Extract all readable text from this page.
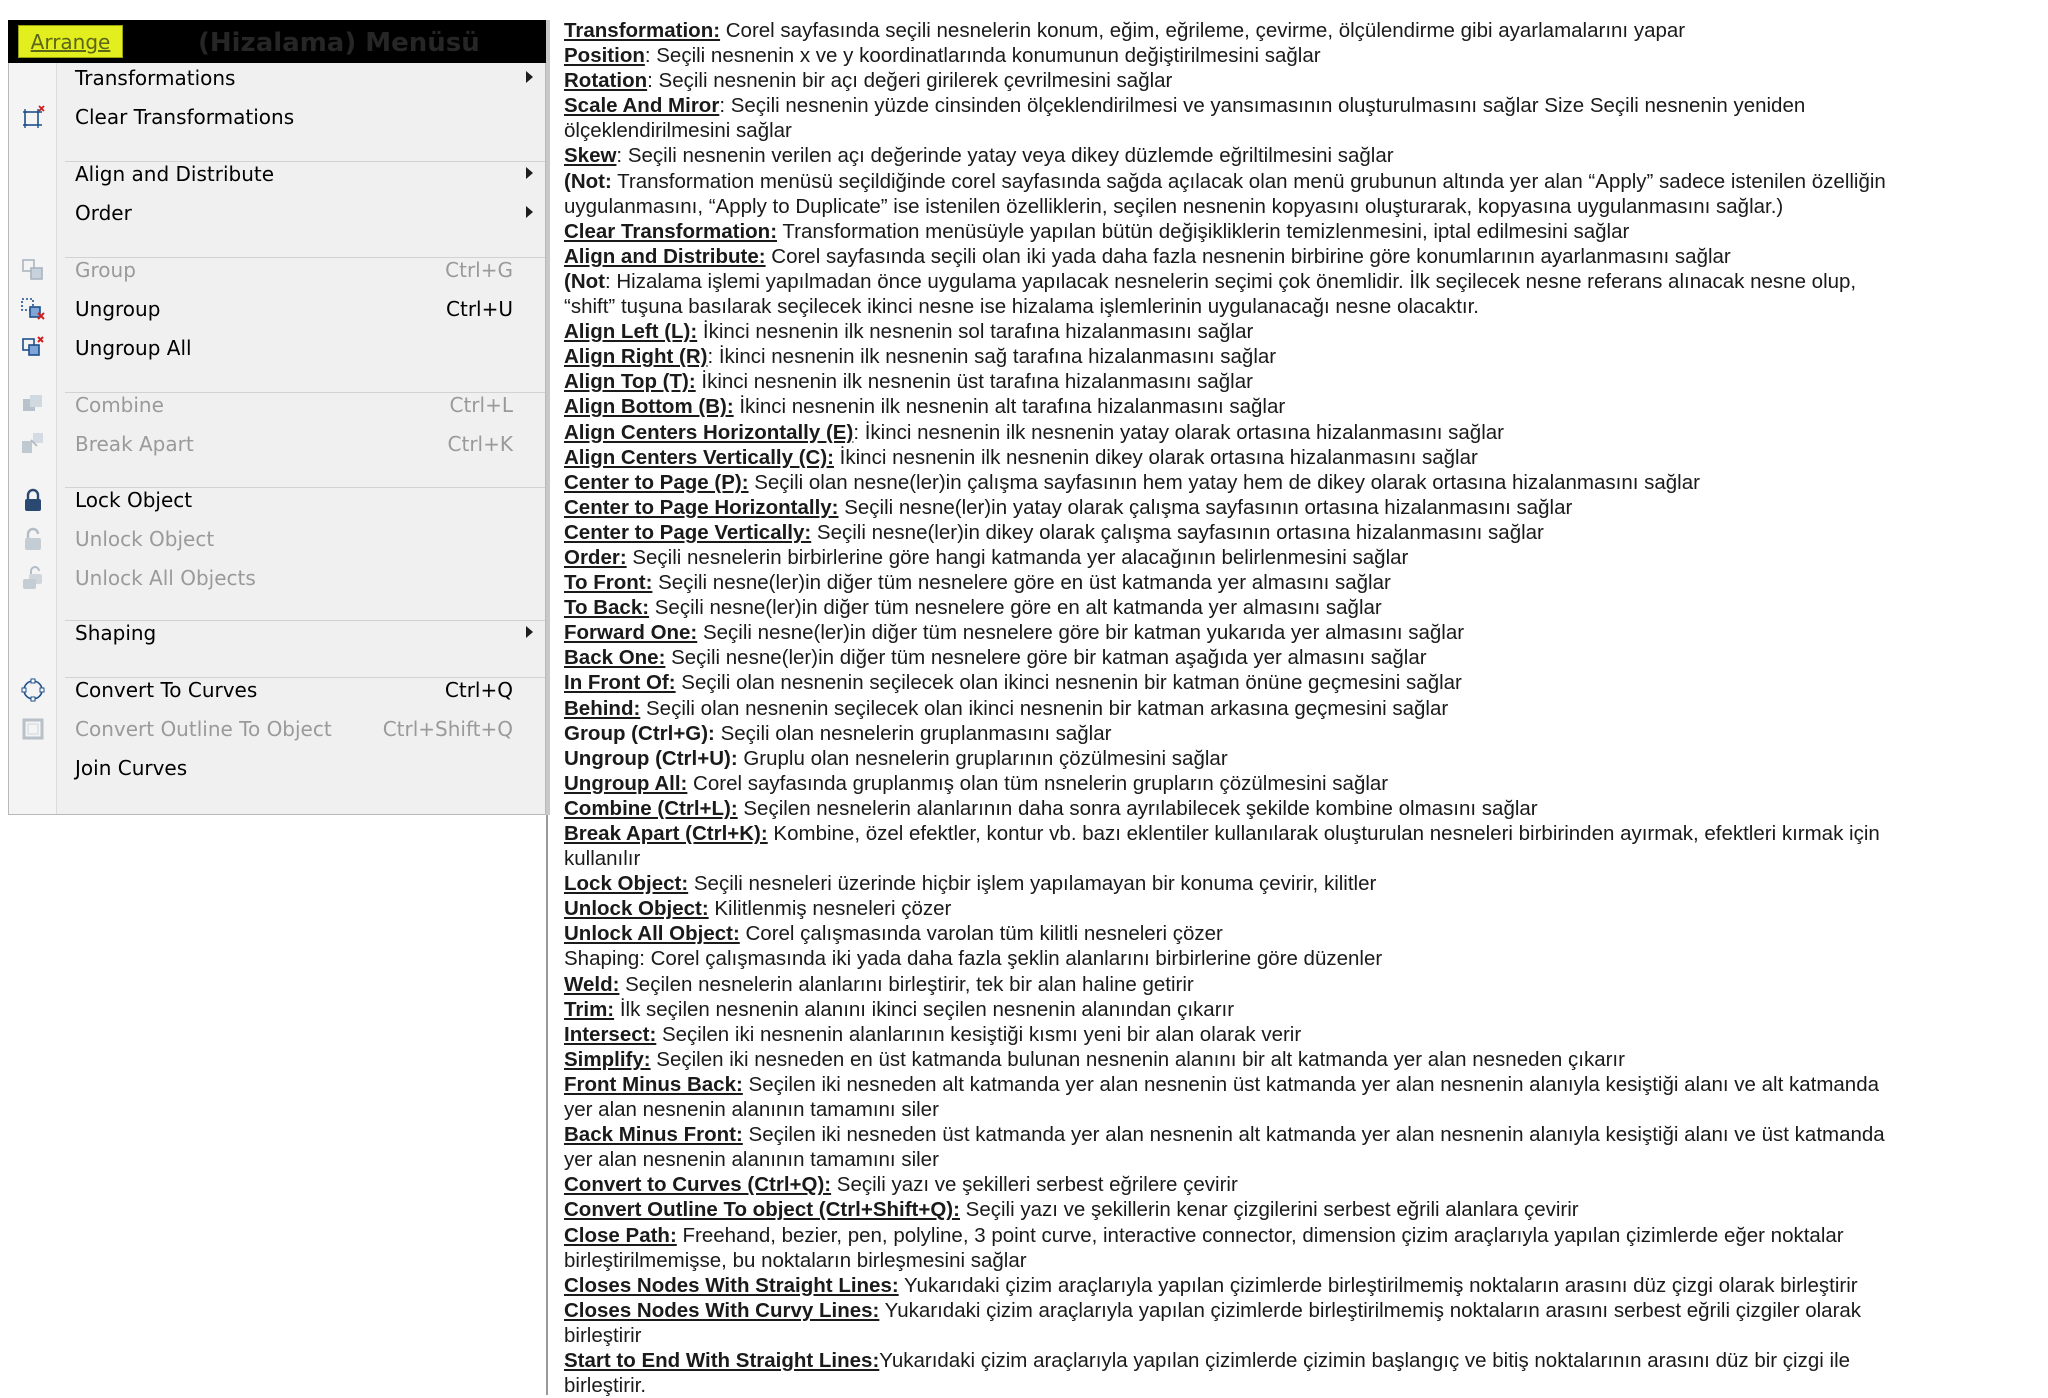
(Hizalama) Menüsü
Arrange
Transformations
Clear Transformations
Align and Distribute
Order
Group	Ctrl+G
Ungroup	Ctrl+U
Ungroup All
Combine	Ctrl+L
Break Apart	Ctrl+K
Lock Object
Unlock Object
Unlock All Objects
Shaping
Convert To Curves	Ctrl+Q
Convert Outline To Object	Ctrl+Shift+Q
Join Curves
Transformation: Corel sayfasında seçili nesnelerin konum, eğim, eğrileme, çevirme, ölçülendirme gibi ayarlamalarını yapar
Position: Seçili nesnenin x ve y koordinatlarında konumunun değiştirilmesini sağlar
Rotation: Seçili nesnenin bir açı değeri girilerek çevrilmesini sağlar
Scale And Miror: Seçili nesnenin yüzde cinsinden ölçeklendirilmesi ve yansımasının oluşturulmasını sağlar Size Seçili nesnenin yeniden
ölçeklendirilmesini sağlar
Skew: Seçili nesnenin verilen açı değerinde yatay veya dikey düzlemde eğriltilmesini sağlar
(Not: Transformation menüsü seçildiğinde corel sayfasında sağda açılacak olan menü grubunun altında yer alan “Apply” sadece istenilen özelliğin
uygulanmasını, “Apply to Duplicate” ise istenilen özelliklerin, seçilen nesnenin kopyasını oluşturarak, kopyasına uygulanmasını sağlar.)
Clear Transformation: Transformation menüsüyle yapılan bütün değişikliklerin temizlenmesini, iptal edilmesini sağlar
Align and Distribute: Corel sayfasında seçili olan iki yada daha fazla nesnenin birbirine göre konumlarının ayarlanmasını sağlar
(Not: Hizalama işlemi yapılmadan önce uygulama yapılacak nesnelerin seçimi çok önemlidir. İlk seçilecek nesne referans alınacak nesne olup,
“shift” tuşuna basılarak seçilecek ikinci nesne ise hizalama işlemlerinin uygulanacağı nesne olacaktır.
Align Left (L): İkinci nesnenin ilk nesnenin sol tarafına hizalanmasını sağlar
Align Right (R): İkinci nesnenin ilk nesnenin sağ tarafına hizalanmasını sağlar
Align Top (T): İkinci nesnenin ilk nesnenin üst tarafına hizalanmasını sağlar
Align Bottom (B): İkinci nesnenin ilk nesnenin alt tarafına hizalanmasını sağlar
Align Centers Horizontally (E): İkinci nesnenin ilk nesnenin yatay olarak ortasına hizalanmasını sağlar
Align Centers Vertically (C): İkinci nesnenin ilk nesnenin dikey olarak ortasına hizalanmasını sağlar
Center to Page (P): Seçili olan nesne(ler)in çalışma sayfasının hem yatay hem de dikey olarak ortasına hizalanmasını sağlar
Center to Page Horizontally: Seçili nesne(ler)in yatay olarak çalışma sayfasının ortasına hizalanmasını sağlar
Center to Page Vertically: Seçili nesne(ler)in dikey olarak çalışma sayfasının ortasına hizalanmasını sağlar
Order: Seçili nesnelerin birbirlerine göre hangi katmanda yer alacağının belirlenmesini sağlar
To Front: Seçili nesne(ler)in diğer tüm nesnelere göre en üst katmanda yer almasını sağlar
To Back: Seçili nesne(ler)in diğer tüm nesnelere göre en alt katmanda yer almasını sağlar
Forward One: Seçili nesne(ler)in diğer tüm nesnelere göre bir katman yukarıda yer almasını sağlar
Back One: Seçili nesne(ler)in diğer tüm nesnelere göre bir katman aşağıda yer almasını sağlar
In Front Of: Seçili olan nesnenin seçilecek olan ikinci nesnenin bir katman önüne geçmesini sağlar
Behind: Seçili olan nesnenin seçilecek olan ikinci nesnenin bir katman arkasına geçmesini sağlar
Group (Ctrl+G): Seçili olan nesnelerin gruplanmasını sağlar
Ungroup (Ctrl+U): Gruplu olan nesnelerin gruplarının çözülmesini sağlar
Ungroup All: Corel sayfasında gruplanmış olan tüm nsnelerin grupların çözülmesini sağlar
Combine (Ctrl+L): Seçilen nesnelerin alanlarının daha sonra ayrılabilecek şekilde kombine olmasını sağlar
Break Apart (Ctrl+K): Kombine, özel efektler, kontur vb. bazı eklentiler kullanılarak oluşturulan nesneleri birbirinden ayırmak, efektleri kırmak için
kullanılır
Lock Object: Seçili nesneleri üzerinde hiçbir işlem yapılamayan bir konuma çevirir, kilitler
Unlock Object: Kilitlenmiş nesneleri çözer
Unlock All Object: Corel çalışmasında varolan tüm kilitli nesneleri çözer
Shaping: Corel çalışmasında iki yada daha fazla şeklin alanlarını birbirlerine göre düzenler
Weld: Seçilen nesnelerin alanlarını birleştirir, tek bir alan haline getirir
Trim: İlk seçilen nesnenin alanını ikinci seçilen nesnenin alanından çıkarır
Intersect: Seçilen iki nesnenin alanlarının kesiştiği kısmı yeni bir alan olarak verir
Simplify: Seçilen iki nesneden en üst katmanda bulunan nesnenin alanını bir alt katmanda yer alan nesneden çıkarır
Front Minus Back: Seçilen iki nesneden alt katmanda yer alan nesnenin üst katmanda yer alan nesnenin alanıyla kesiştiği alanı ve alt katmanda
yer alan nesnenin alanının tamamını siler
Back Minus Front: Seçilen iki nesneden üst katmanda yer alan nesnenin alt katmanda yer alan nesnenin alanıyla kesiştiği alanı ve üst katmanda
yer alan nesnenin alanının tamamını siler
Convert to Curves (Ctrl+Q): Seçili yazı ve şekilleri serbest eğrilere çevirir
Convert Outline To object (Ctrl+Shift+Q): Seçili yazı ve şekillerin kenar çizgilerini serbest eğrili alanlara çevirir
Close Path: Freehand, bezier, pen, polyline, 3 point curve, interactive connector, dimension çizim araçlarıyla yapılan çizimlerde eğer noktalar
birleştirilmemişse, bu noktaların birleşmesini sağlar
Closes Nodes With Straight Lines: Yukarıdaki çizim araçlarıyla yapılan çizimlerde birleştirilmemiş noktaların arasını düz çizgi olarak birleştirir
Closes Nodes With Curvy Lines: Yukarıdaki çizim araçlarıyla yapılan çizimlerde birleştirilmemiş noktaların arasını serbest eğrili çizgiler olarak
birleştirir
Start to End With Straight Lines:Yukarıdaki çizim araçlarıyla yapılan çizimlerde çizimin başlangıç ve bitiş noktalarının arasını düz bir çizgi ile
birleştirir.
